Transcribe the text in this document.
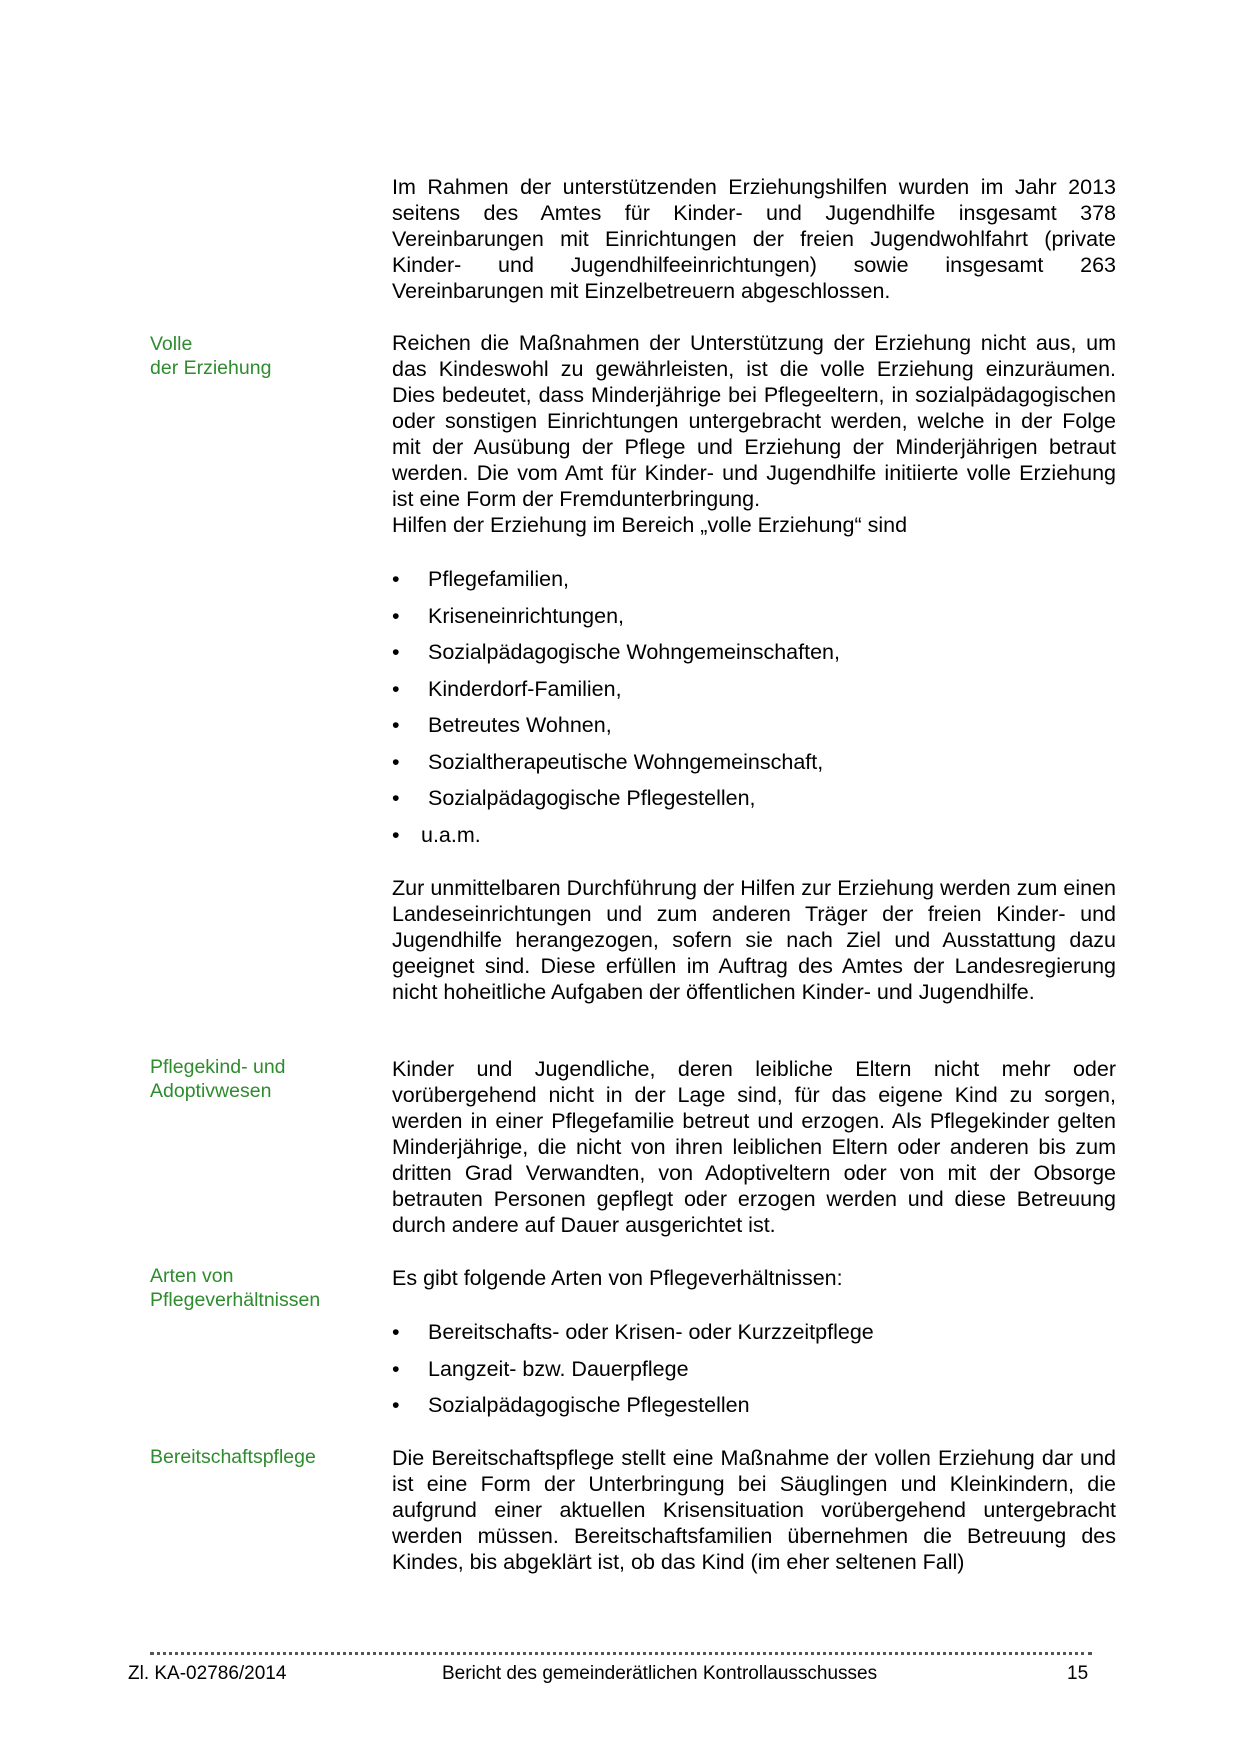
Im Rahmen der unterstützenden Erziehungshilfen wurden im Jahr 2013 seitens des Amtes für Kinder- und Jugendhilfe insgesamt 378 Vereinbarungen mit Einrichtungen der freien Jugendwohlfahrt (private Kinder- und Jugendhilfeeinrichtungen) sowie insgesamt 263 Vereinbarungen mit Einzelbetreuern abgeschlossen.

Volle
der Erziehung

Reichen die Maßnahmen der Unterstützung der Erziehung nicht aus, um das Kindeswohl zu gewährleisten, ist die volle Erziehung einzuräumen. Dies bedeutet, dass Minderjährige bei Pflegeeltern, in sozialpädagogischen oder sonstigen Einrichtungen untergebracht werden, welche in der Folge mit der Ausübung der Pflege und Erziehung der Minderjährigen betraut werden. Die vom Amt für Kinder- und Jugendhilfe initiierte volle Erziehung ist eine Form der Fremdunterbringung.

Hilfen der Erziehung im Bereich „volle Erziehung“ sind

• Pflegefamilien,
• Kriseneinrichtungen,
• Sozialpädagogische Wohngemeinschaften,
• Kinderdorf-Familien,
• Betreutes Wohnen,
• Sozialtherapeutische Wohngemeinschaft,
• Sozialpädagogische Pflegestellen,
• u.a.m.

Zur unmittelbaren Durchführung der Hilfen zur Erziehung werden zum einen Landeseinrichtungen und zum anderen Träger der freien Kinder- und Jugendhilfe herangezogen, sofern sie nach Ziel und Ausstattung dazu geeignet sind. Diese erfüllen im Auftrag des Amtes der Landesregierung nicht hoheitliche Aufgaben der öffentlichen Kinder- und Jugendhilfe.

Pflegekind- und
Adoptivwesen

Kinder und Jugendliche, deren leibliche Eltern nicht mehr oder vorübergehend nicht in der Lage sind, für das eigene Kind zu sorgen, werden in einer Pflegefamilie betreut und erzogen. Als Pflegekinder gelten Minderjährige, die nicht von ihren leiblichen Eltern oder anderen bis zum dritten Grad Verwandten, von Adoptiveltern oder von mit der Obsorge betrauten Personen gepflegt oder erzogen werden und diese Betreuung durch andere auf Dauer ausgerichtet ist.

Arten von
Pflegeverhältnissen

Es gibt folgende Arten von Pflegeverhältnissen:

• Bereitschafts- oder Krisen- oder Kurzzeitpflege
• Langzeit- bzw. Dauerpflege
• Sozialpädagogische Pflegestellen
Bereitschaftspflege	Die Bereitschaftspflege stellt eine Maßnahme der vollen Erziehung dar und ist eine Form der Unterbringung bei Säuglingen und Kleinkindern, die aufgrund einer aktuellen Krisensituation vorübergehend untergebracht werden müssen. Bereitschaftsfamilien übernehmen die Betreuung des Kindes, bis abgeklärt ist, ob das Kind (im eher seltenen Fall)

Zl. KA-02786/2014	Bericht des gemeinderätlichen Kontrollausschusses	15
